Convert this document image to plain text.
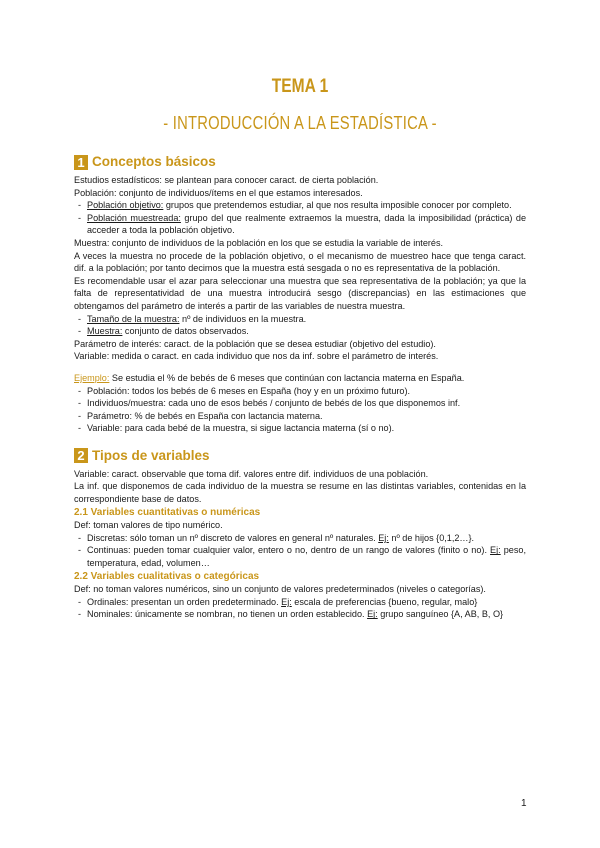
TEMA 1
- INTRODUCCIÓN A LA ESTADÍSTICA -
1 Conceptos básicos

Estudios estadísticos: se plantean para conocer caract. de cierta población.

Población: conjunto de individuos/ítems en el que estamos interesados.

- Población objetivo: grupos que pretendemos estudiar, al que nos resulta imposible conocer por completo.
- Población muestreada: grupo del que realmente extraemos la muestra, dada la imposibilidad (práctica) de acceder a toda la población objetivo.

Muestra: conjunto de individuos de la población en los que se estudia la variable de interés.

A veces la muestra no procede de la población objetivo, o el mecanismo de muestreo hace que tenga caract. dif. a la población; por tanto decimos que la muestra está sesgada o no es representativa de la población.

Es recomendable usar el azar para seleccionar una muestra que sea representativa de la población; ya que la falta de representatividad de una muestra introducirá sesgo (discrepancias) en las estimaciones que obtengamos del parámetro de interés a partir de las variables de nuestra muestra.

- Tamaño de la muestra: nº de individuos en la muestra.
- Muestra: conjunto de datos observados.

Parámetro de interés: caract. de la población que se desea estudiar (objetivo del estudio).

Variable: medida o caract. en cada individuo que nos da inf. sobre el parámetro de interés.

Ejemplo: Se estudia el % de bebés de 6 meses que continúan con lactancia materna en España.

- Población: todos los bebés de 6 meses en España (hoy y en un próximo futuro).
- Individuos/muestra: cada uno de esos bebés / conjunto de bebés de los que disponemos inf.
- Parámetro: % de bebés en España con lactancia materna.
- Variable: para cada bebé de la muestra, si sigue lactancia materna (sí o no).
2 Tipos de variables

Variable: caract. observable que toma dif. valores entre dif. individuos de una población.

La inf. que disponemos de cada individuo de la muestra se resume en las distintas variables, contenidas en la correspondiente base de datos.

2.1 Variables cuantitativas o numéricas

Def: toman valores de tipo numérico.

- Discretas: sólo toman un nº discreto de valores en general nº naturales. Ej: nº de hijos {0,1,2…}.
- Continuas: pueden tomar cualquier valor, entero o no, dentro de un rango de valores (finito o no). Ej: peso, temperatura, edad, volumen…
2.2 Variables cualitativas o categóricas

Def: no toman valores numéricos, sino un conjunto de valores predeterminados (niveles o categorías).

- Ordinales: presentan un orden predeterminado. Ej: escala de preferencias {bueno, regular, malo}
- Nominales: únicamente se nombran, no tienen un orden establecido. Ej: grupo sanguíneo {A, AB, B, O}
1
